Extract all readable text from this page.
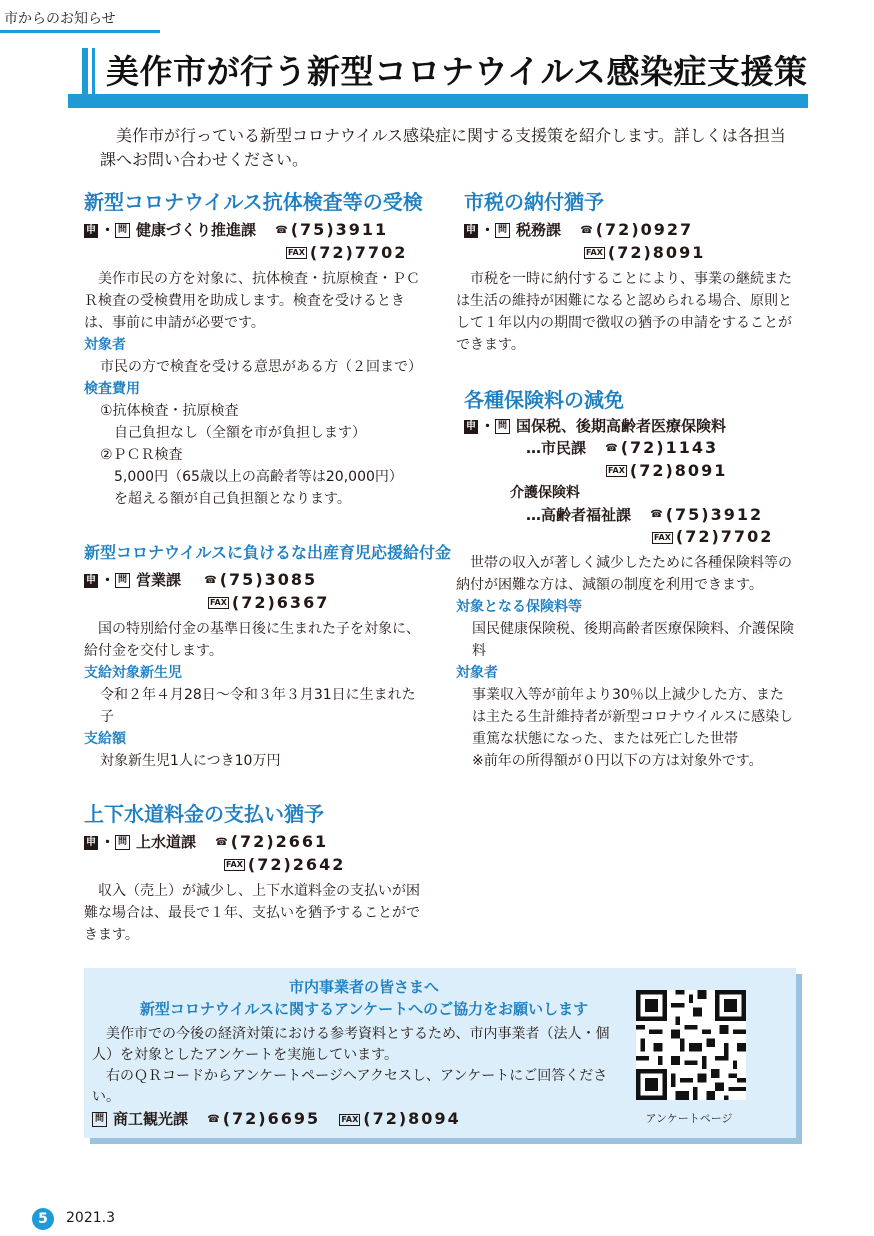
市からのお知らせ
美作市が行う新型コロナウイルス感染症支援策
美作市が行っている新型コロナウイルス感染症に関する支援策を紹介します。詳しくは各担当課へお問い合わせください。
新型コロナウイルス抗体検査等の受検
申 ・ 問 健康づくり推進課 ☎ (75)3911
FAX (72)7702
美作市民の方を対象に、抗体検査・抗原検査・ＰＣＲ検査の受検費用を助成します。検査を受けるときは、事前に申請が必要です。
対象者
市民の方で検査を受ける意思がある方（２回まで）
検査費用
①抗体検査・抗原検査
自己負担なし（全額を市が負担します）
②ＰＣＲ検査
5,000円（65歳以上の高齢者等は20,000円）
を超える額が自己負担額となります。
新型コロナウイルスに負けるな出産育児応援給付金
申 ・ 問 営業課 ☎ (75)3085
FAX (72)6367
国の特別給付金の基準日後に生まれた子を対象に、給付金を交付します。
支給対象新生児
令和２年４月28日～令和３年３月31日に生まれた子
支給額
対象新生児1人につき10万円
上下水道料金の支払い猶予
申 ・ 問 上水道課 ☎ (72)2661
FAX (72)2642
収入（売上）が減少し、上下水道料金の支払いが困難な場合は、最長で１年、支払いを猶予することができます。
市税の納付猶予
申 ・ 問 税務課 ☎ (72)0927
FAX (72)8091
市税を一時に納付することにより、事業の継続または生活の維持が困難になると認められる場合、原則として１年以内の期間で徴収の猶予の申請をすることができます。
各種保険料の減免
申 ・ 問 国保税、後期高齢者医療保険料
…市民課 ☎ (72)1143
FAX (72)8091
介護保険料
…高齢者福祉課 ☎ (75)3912
FAX (72)7702
世帯の収入が著しく減少したために各種保険料等の納付が困難な方は、減額の制度を利用できます。
対象となる保険料等
国民健康保険税、後期高齢者医療保険料、介護保険料
対象者
事業収入等が前年より30％以上減少した方、または主たる生計維持者が新型コロナウイルスに感染し重篤な状態になった、または死亡した世帯
※前年の所得額が０円以下の方は対象外です。
市内事業者の皆さまへ
新型コロナウイルスに関するアンケートへのご協力をお願いします
美作市での今後の経済対策における参考資料とするため、市内事業者（法人・個人）を対象としたアンケートを実施しています。
右のＱＲコードからアンケートページへアクセスし、アンケートにご回答ください。
問 商工観光課 ☎ (72)6695	FAX (72)8094	アンケートページ
5	2021.3
